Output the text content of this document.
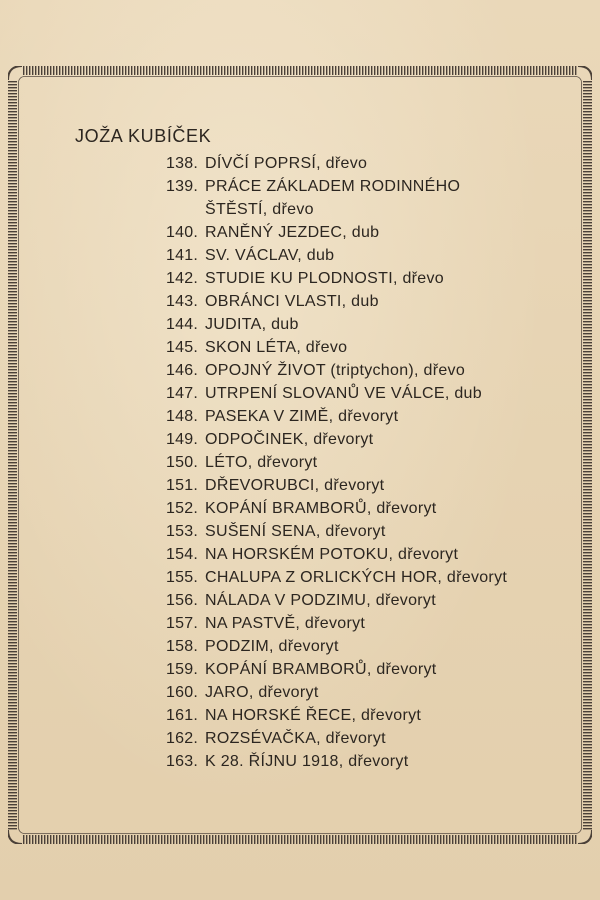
JOŽA KUBÍČEK
138. DÍVČÍ POPRSÍ, dřevo
139. PRÁCE ZÁKLADEM RODINNÉHO ŠTĚSTÍ, dřevo
140. RANĚNÝ JEZDEC, dub
141. SV. VÁCLAV, dub
142. STUDIE KU PLODNOSTI, dřevo
143. OBRÁNCI VLASTI, dub
144. JUDITA, dub
145. SKON LÉTA, dřevo
146. OPOJNÝ ŽIVOT (triptychon), dřevo
147. UTRPENÍ SLOVANŮ VE VÁLCE, dub
148. PASEKA V ZIMĚ, dřevoryt
149. ODPOČINEK, dřevoryt
150. LÉTO, dřevoryt
151. DŘEVORUBCI, dřevoryt
152. KOPÁNÍ BRAMBORŮ, dřevoryt
153. SUŠENÍ SENA, dřevoryt
154. NA HORSKÉM POTOKU, dřevoryt
155. CHALUPA Z ORLICKÝCH HOR, dřevoryt
156. NÁLADA V PODZIMU, dřevoryt
157. NA PASTVĚ, dřevoryt
158. PODZIM, dřevoryt
159. KOPÁNÍ BRAMBORŮ, dřevoryt
160. JARO, dřevoryt
161. NA HORSKÉ ŘECE, dřevoryt
162. ROZSÉVAČKA, dřevoryt
163. K 28. ŘÍJNU 1918, dřevoryt
